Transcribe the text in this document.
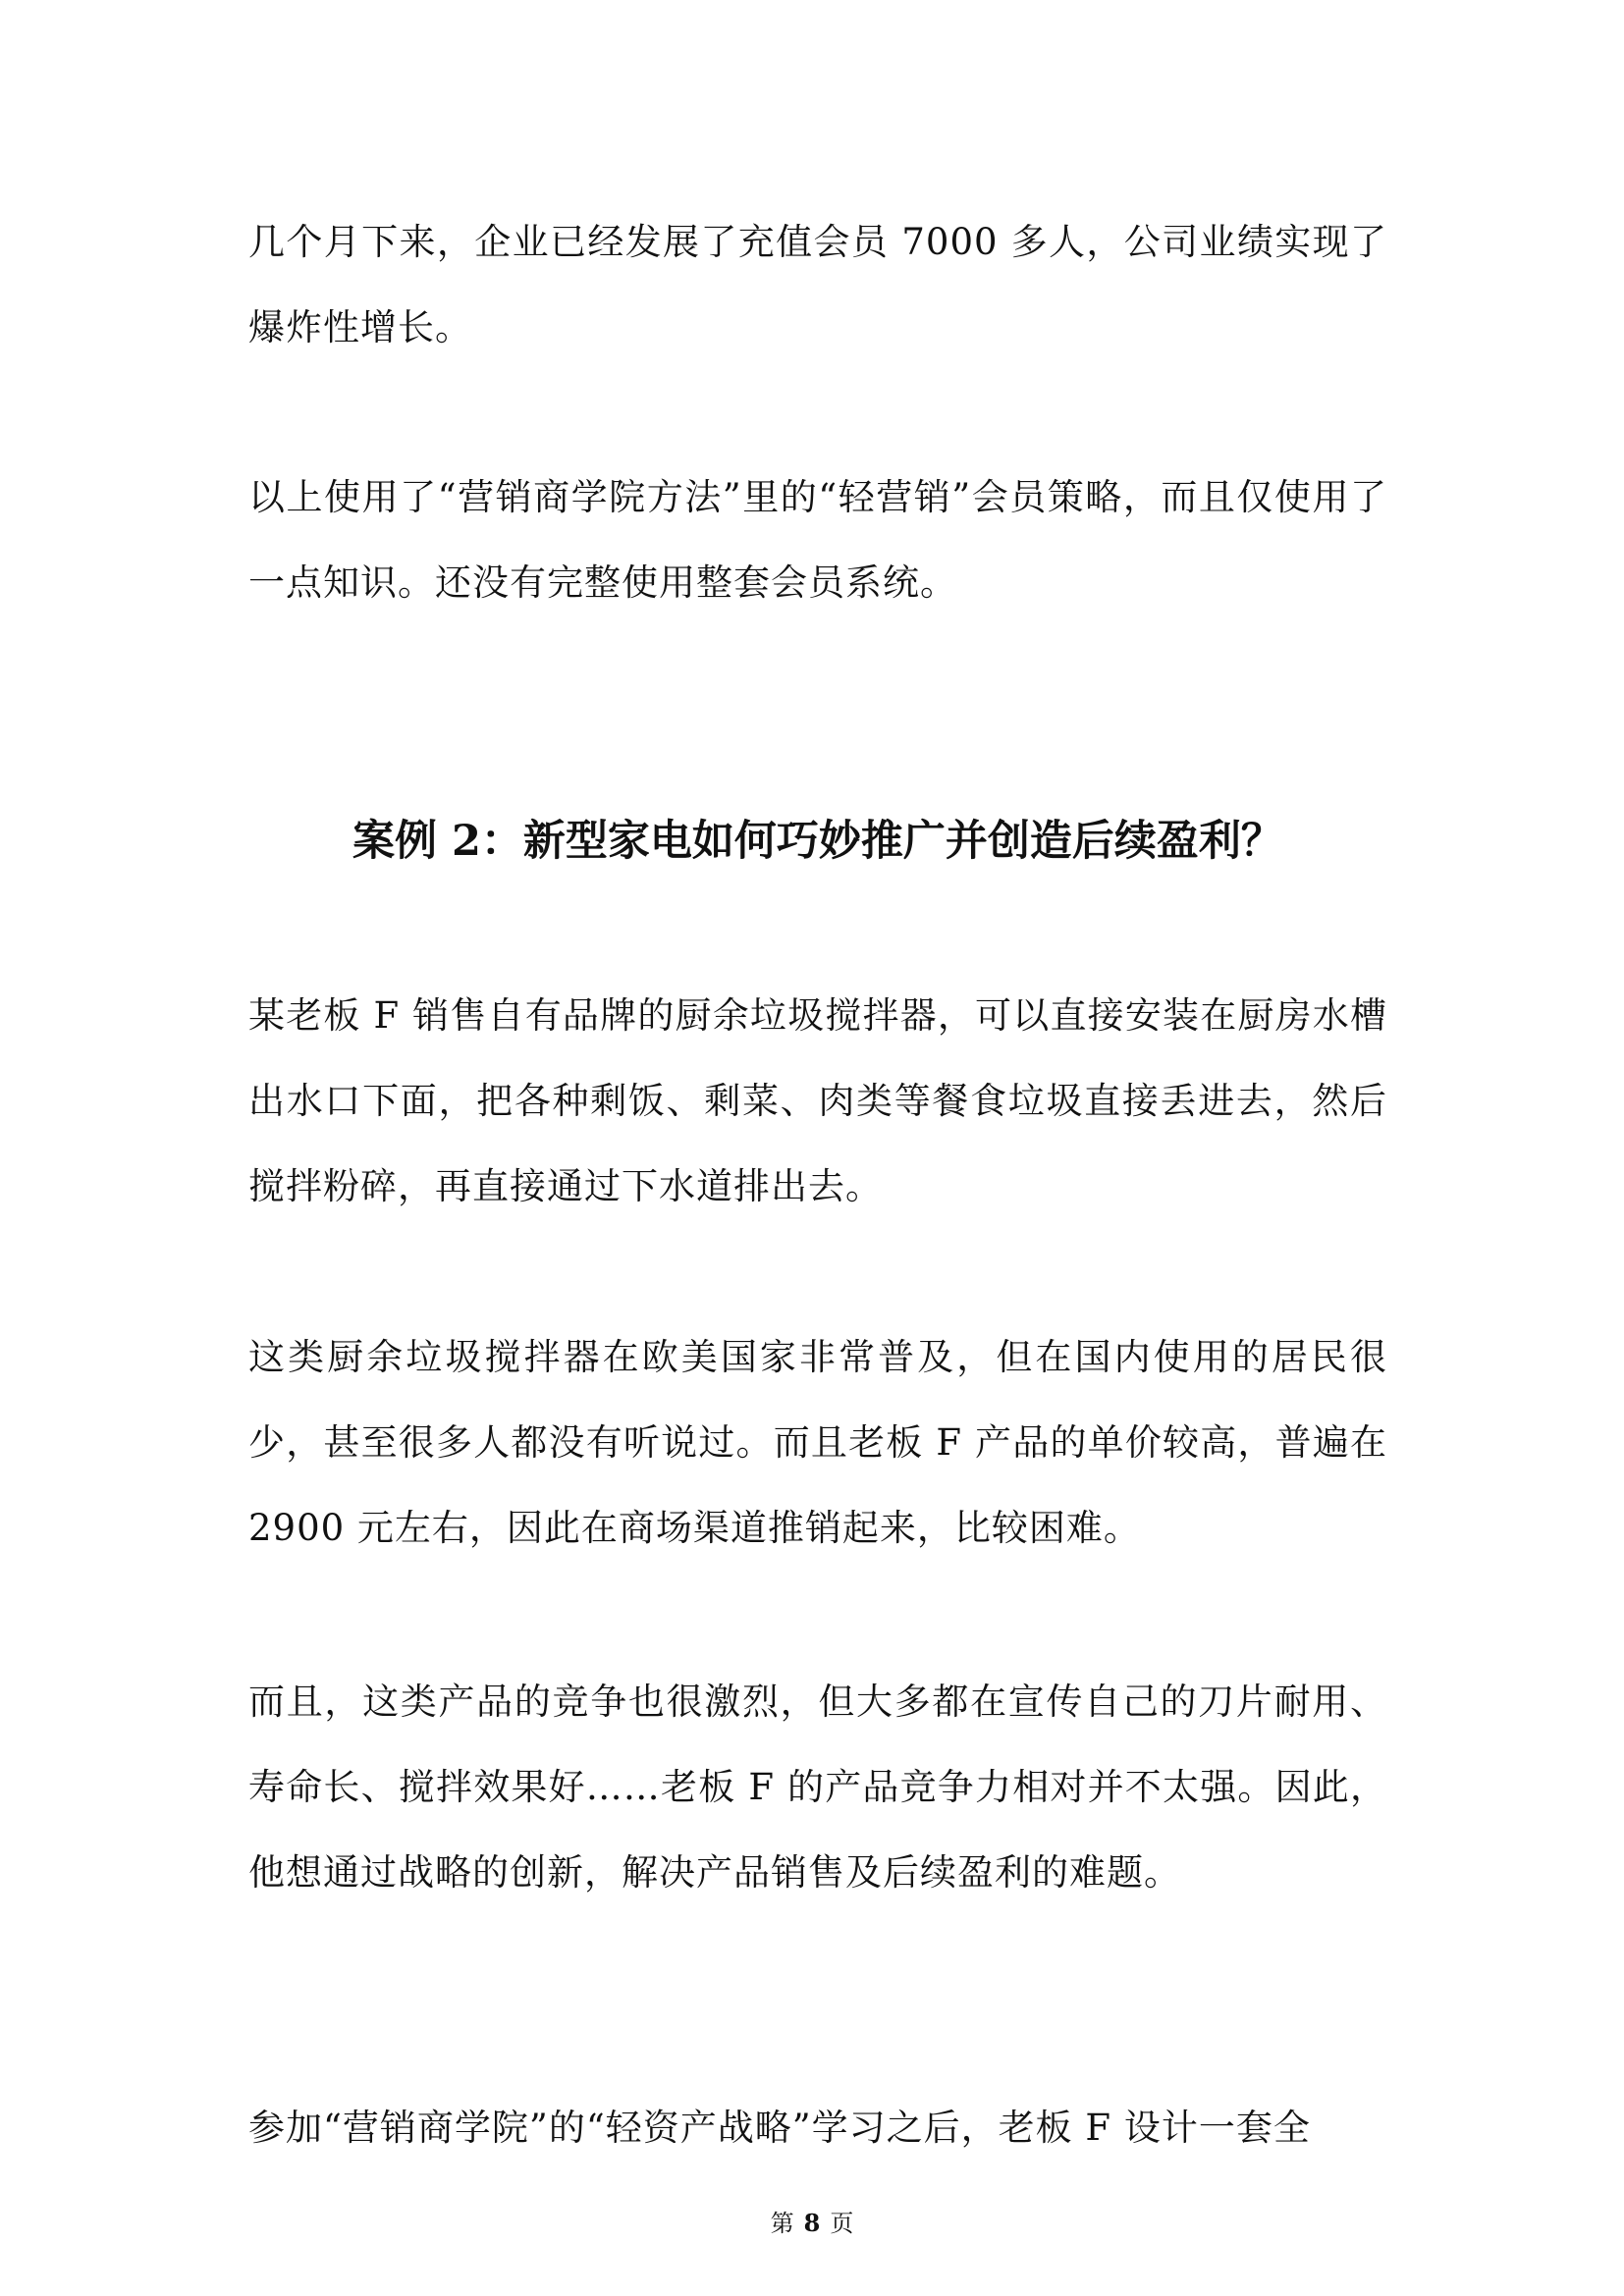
几个月下来，企业已经发展了充值会员 7000 多人，公司业绩实现了爆炸性增长。

以上使用了“营销商学院方法”里的“轻营销”会员策略，而且仅使用了一点知识。还没有完整使用整套会员系统。

案例 2：新型家电如何巧妙推广并创造后续盈利？

某老板 F 销售自有品牌的厨余垃圾搅拌器，可以直接安装在厨房水槽出水口下面，把各种剩饭、剩菜、肉类等餐食垃圾直接丢进去，然后搅拌粉碎，再直接通过下水道排出去。

这类厨余垃圾搅拌器在欧美国家非常普及，但在国内使用的居民很少，甚至很多人都没有听说过。而且老板 F 产品的单价较高，普遍在 2900 元左右，因此在商场渠道推销起来，比较困难。

而且，这类产品的竞争也很激烈，但大多都在宣传自己的刀片耐用、寿命长、搅拌效果好……老板 F 的产品竞争力相对并不太强。因此，他想通过战略的创新，解决产品销售及后续盈利的难题。

参加“营销商学院”的“轻资产战略”学习之后，老板 F 设计一套全

第 8 页
